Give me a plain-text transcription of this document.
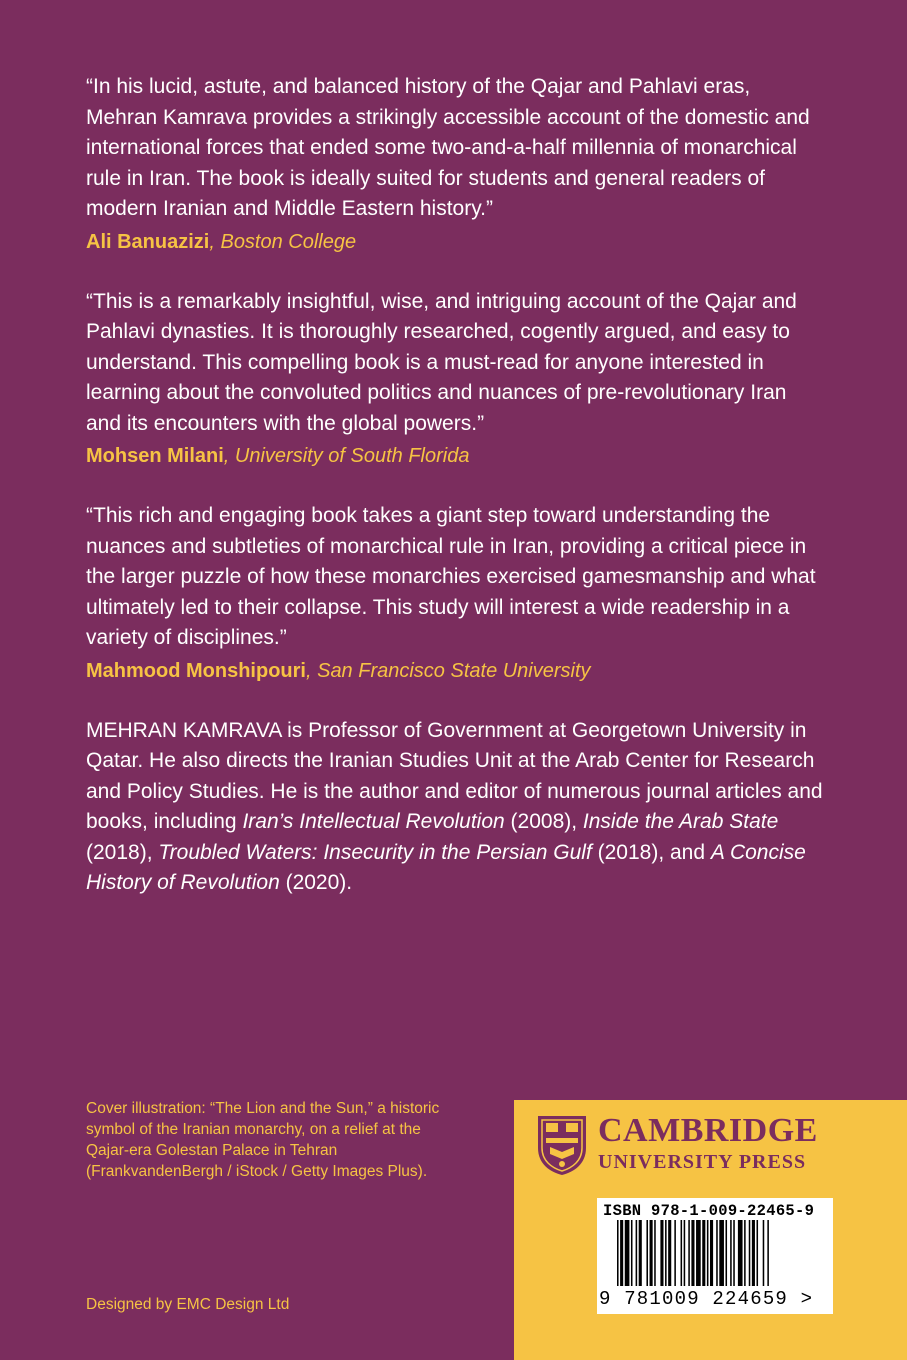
“In his lucid, astute, and balanced history of the Qajar and Pahlavi eras, Mehran Kamrava provides a strikingly accessible account of the domestic and international forces that ended some two-and-a-half millennia of monarchical rule in Iran. The book is ideally suited for students and general readers of modern Iranian and Middle Eastern history.”

Ali Banuazizi, Boston College

“This is a remarkably insightful, wise, and intriguing account of the Qajar and Pahlavi dynasties. It is thoroughly researched, cogently argued, and easy to understand. This compelling book is a must-read for anyone interested in learning about the convoluted politics and nuances of pre-revolutionary Iran and its encounters with the global powers.”

Mohsen Milani, University of South Florida

“This rich and engaging book takes a giant step toward understanding the nuances and subtleties of monarchical rule in Iran, providing a critical piece in the larger puzzle of how these monarchies exercised gamesmanship and what ultimately led to their collapse. This study will interest a wide readership in a variety of disciplines.”

Mahmood Monshipouri, San Francisco State University

MEHRAN KAMRAVA is Professor of Government at Georgetown University in Qatar. He also directs the Iranian Studies Unit at the Arab Center for Research and Policy Studies. He is the author and editor of numerous journal articles and books, including Iran’s Intellectual Revolution (2008), Inside the Arab State (2018), Troubled Waters: Insecurity in the Persian Gulf (2018), and A Concise History of Revolution (2020).

Cover illustration: “The Lion and the Sun,” a historic symbol of the Iranian monarchy, on a relief at the Qajar-era Golestan Palace in Tehran (FrankvandenBergh / iStock / Getty Images Plus).
Designed by EMC Design Ltd
CAMBRIDGE
UNIVERSITY PRESS
ISBN 978-1-009-22465-9
9 781009 224659 >
